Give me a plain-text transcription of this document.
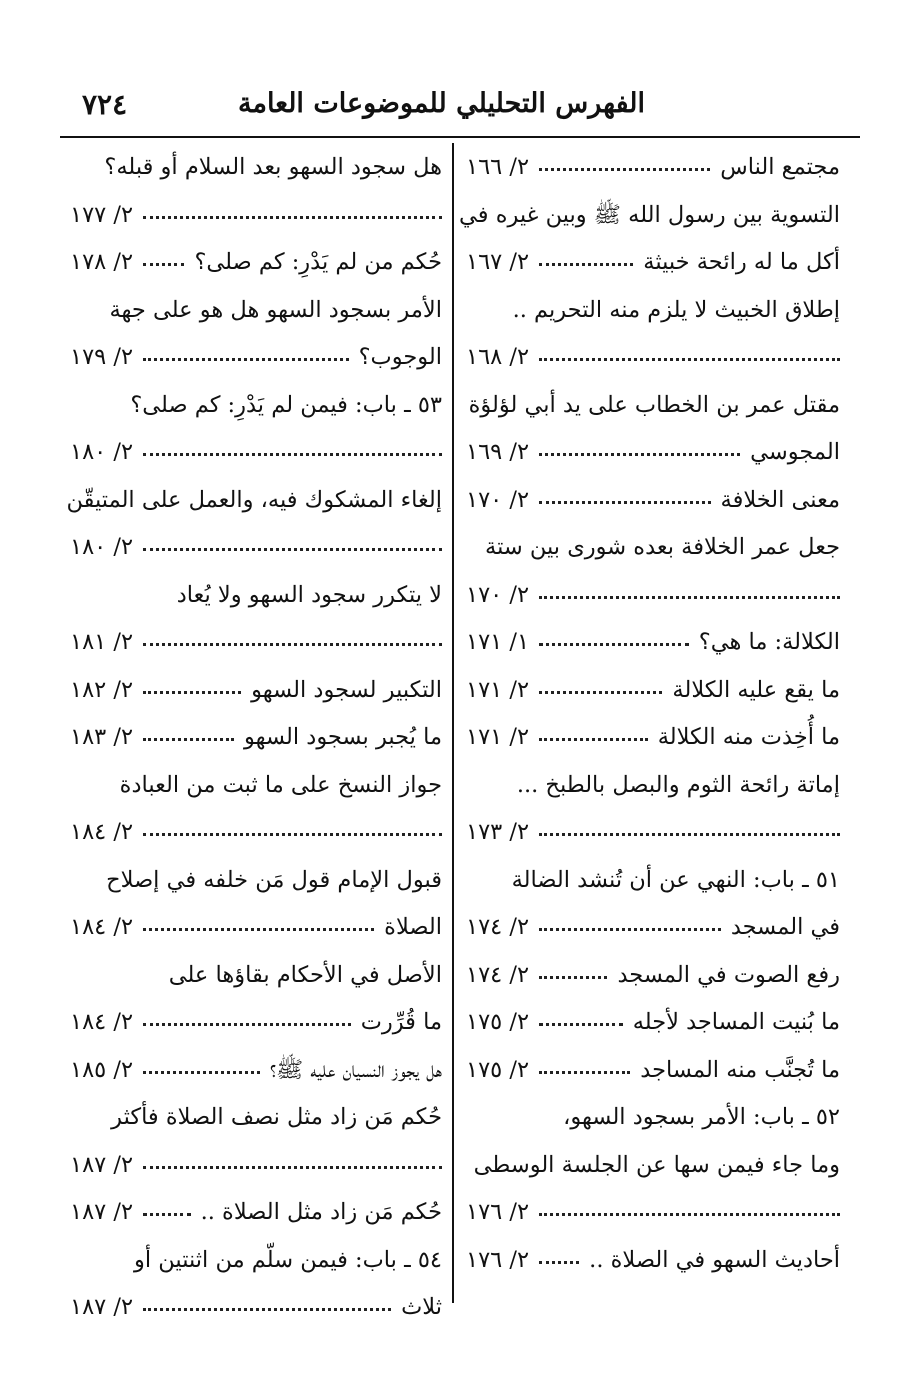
٧٢٤	الفهرس التحليلي للموضوعات العامة
مجتمع الناس
٢/ ١٦٦
التسوية بين رسول الله ﷺ وبين غيره في
أكل ما له رائحة خبيثة
٢/ ١٦٧
إطلاق الخبيث لا يلزم منه التحريم ..
٢/ ١٦٨
مقتل عمر بن الخطاب على يد أبي لؤلؤة
المجوسي
٢/ ١٦٩
معنى الخلافة
٢/ ١٧٠
جعل عمر الخلافة بعده شورى بين ستة
٢/ ١٧٠
الكلالة: ما هي؟
١/ ١٧١
ما يقع عليه الكلالة
٢/ ١٧١
ما أُخِذت منه الكلالة
٢/ ١٧١
إماتة رائحة الثوم والبصل بالطبخ ...
٢/ ١٧٣
٥١ ـ باب: النهي عن أن تُنشد الضالة
في المسجد
٢/ ١٧٤
رفع الصوت في المسجد
٢/ ١٧٤
ما بُنيت المساجد لأجله
٢/ ١٧٥
ما تُجنَّب منه المساجد
٢/ ١٧٥
٥٢ ـ باب: الأمر بسجود السهو،
وما جاء فيمن سها عن الجلسة الوسطى
٢/ ١٧٦
أحاديث السهو في الصلاة ..
٢/ ١٧٦
هل سجود السهو بعد السلام أو قبله؟
٢/ ١٧٧
حُكم من لم يَدْرِ: كم صلى؟
٢/ ١٧٨
الأمر بسجود السهو هل هو على جهة
الوجوب؟
٢/ ١٧٩
٥٣ ـ باب: فيمن لم يَدْرِ: كم صلى؟
٢/ ١٨٠
إلغاء المشكوك فيه، والعمل على المتيقّن
٢/ ١٨٠
لا يتكرر سجود السهو ولا يُعاد
٢/ ١٨١
التكبير لسجود السهو
٢/ ١٨٢
ما يُجبر بسجود السهو
٢/ ١٨٣
جواز النسخ على ما ثبت من العبادة
٢/ ١٨٤
قبول الإمام قول مَن خلفه في إصلاح
الصلاة
٢/ ١٨٤
الأصل في الأحكام بقاؤها على
ما قُرِّرت
٢/ ١٨٤
هل يجوز النسيان عليه ﷺ؟
٢/ ١٨٥
حُكم مَن زاد مثل نصف الصلاة فأكثر
٢/ ١٨٧
حُكم مَن زاد مثل الصلاة ..
٢/ ١٨٧
٥٤ ـ باب: فيمن سلّم من اثنتين أو
ثلاث
٢/ ١٨٧
